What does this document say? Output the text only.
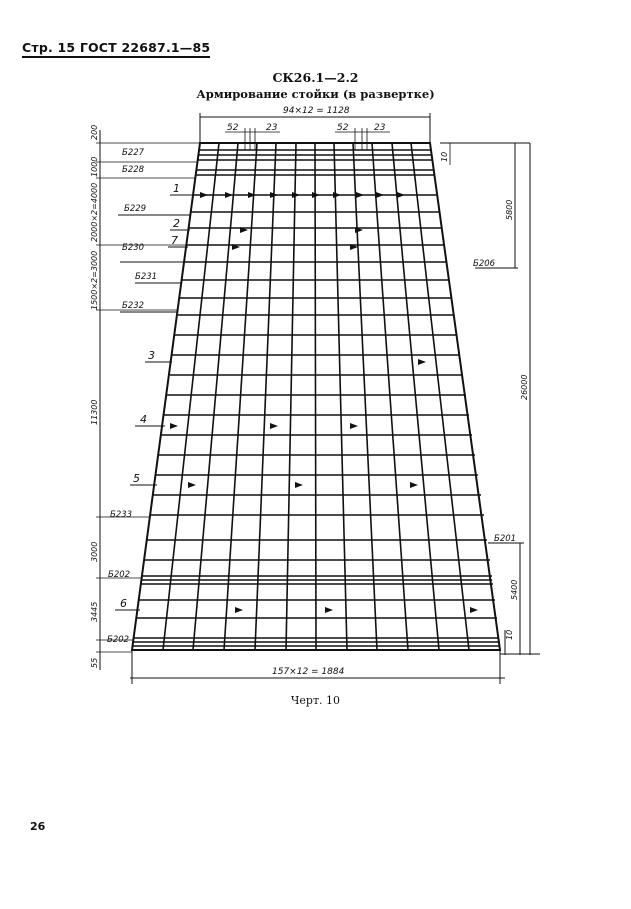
Стр. 15 ГОСТ 22687.1—85
СК26.1—2.2
Армирование стойки (в развертке)
94×12 = 1128
52	23	52	23
Б227
Б228
Б229
Б230
Б231
Б232
Б233
Б202
Б202
Б206
Б201
1
2
7
3
4
5
6
200
1000
2000×2=4000
1500×2=3000
11300
3000
3445
55
10
5800
26000
5400
10
157×12 = 1884
Черт. 10
26
